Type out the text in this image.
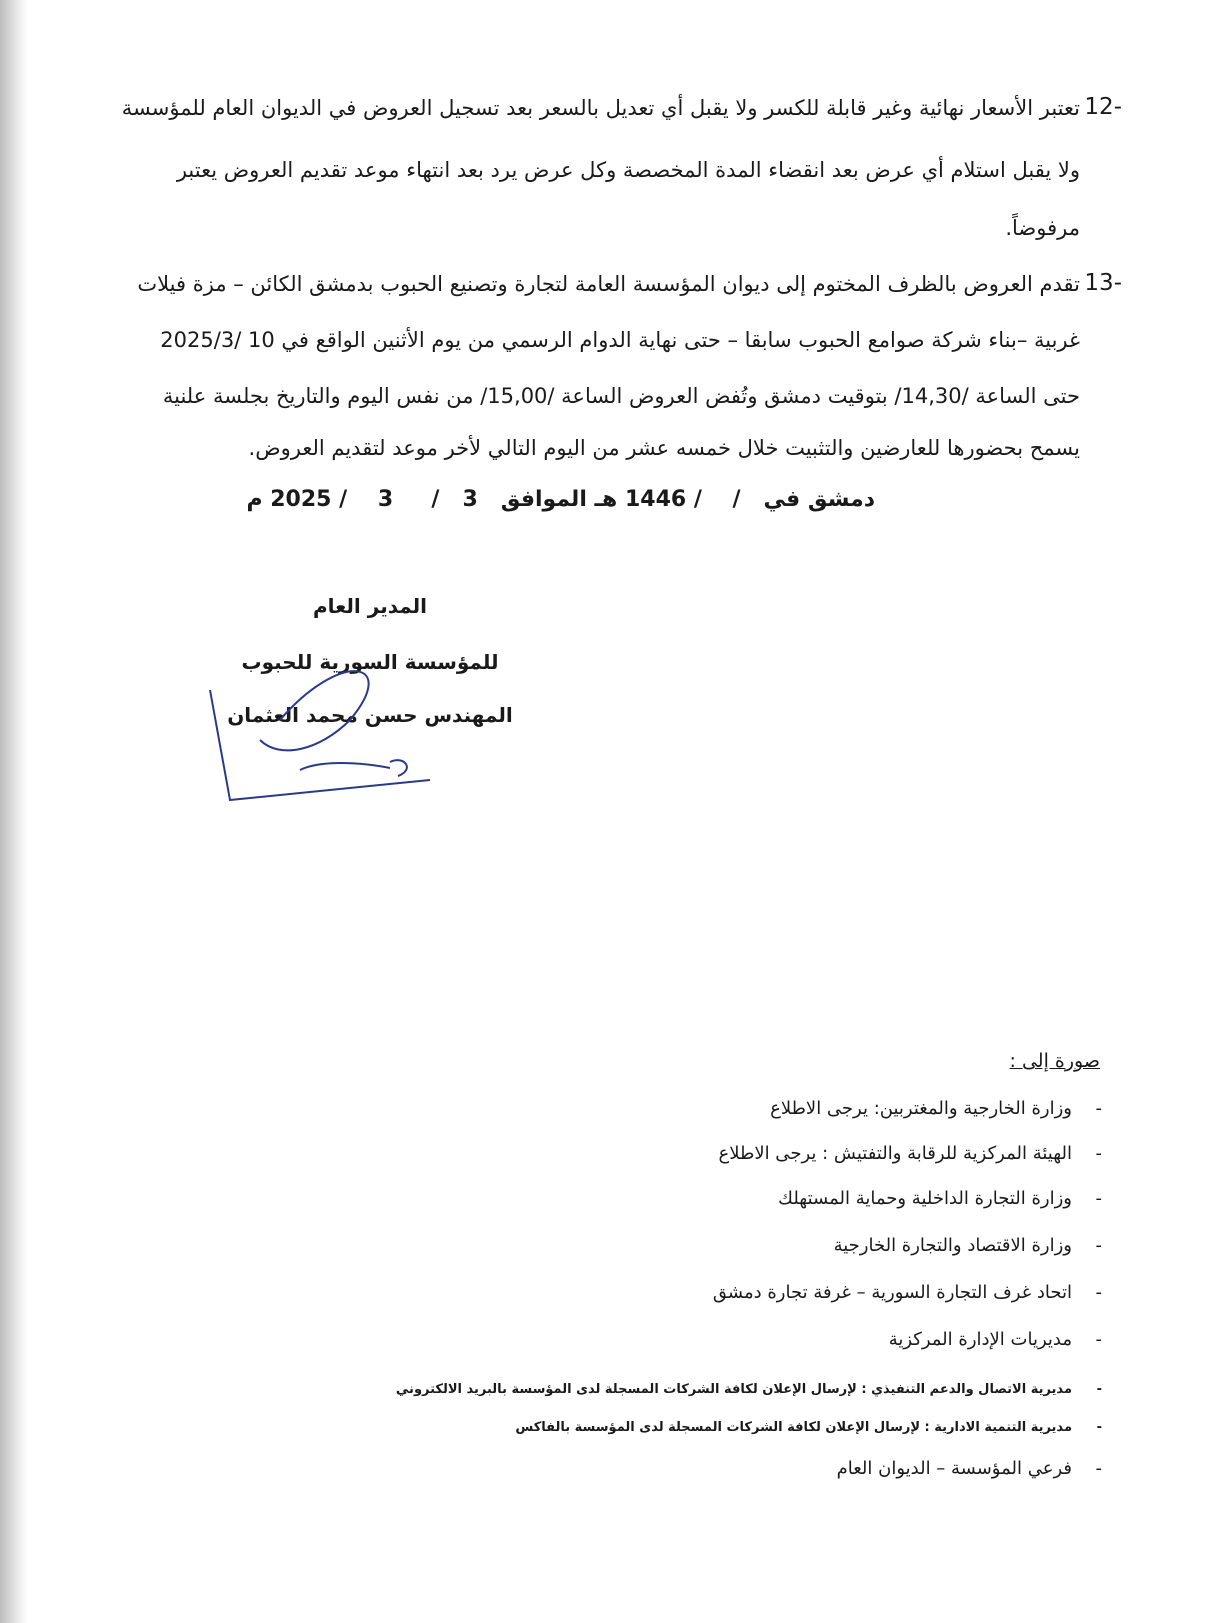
12-
تعتبر الأسعار نهائية وغير قابلة للكسر ولا يقبل أي تعديل بالسعر بعد تسجيل العروض في الديوان العام للمؤسسة
ولا يقبل استلام أي عرض بعد انقضاء المدة المخصصة وكل عرض يرد بعد انتهاء موعد تقديم العروض يعتبر
مرفوضاً.
13-
تقدم العروض بالظرف المختوم إلى ديوان المؤسسة العامة لتجارة وتصنيع الحبوب بدمشق الكائن – مزة فيلات
غربية –بناء شركة صوامع الحبوب سابقا – حتى نهاية الدوام الرسمي من يوم الأثنين الواقع في 10 /2025/3
حتى الساعة /14,30/ بتوقيت دمشق وتُفض العروض الساعة /15,00/ من نفس اليوم والتاريخ بجلسة علنية
يسمح بحضورها للعارضين والتثبيت خلال خمسه عشر من اليوم التالي لأخر موعد لتقديم العروض.
دمشق في   /    / 1446 هـ الموافق   3   /     3    / 2025 م
المدير العام
للمؤسسة السورية للحبوب
المهندس حسن محمد العثمان
صورة إلى :
-وزارة الخارجية والمغتربين: يرجى الاطلاع
-الهيئة المركزية للرقابة والتفتيش : يرجى الاطلاع
-وزارة التجارة الداخلية وحماية المستهلك
-وزارة الاقتصاد والتجارة الخارجية
-اتحاد غرف التجارة السورية – غرفة تجارة دمشق
-مديريات الإدارة المركزية
-مديرية الاتصال والدعم التنفيذي : لإرسال الإعلان لكافة الشركات المسجلة لدى المؤسسة بالبريد الالكتروني
-مديرية التنمية الادارية : لإرسال الإعلان لكافة الشركات المسجلة لدى المؤسسة بالفاكس
-فرعي المؤسسة – الديوان العام
